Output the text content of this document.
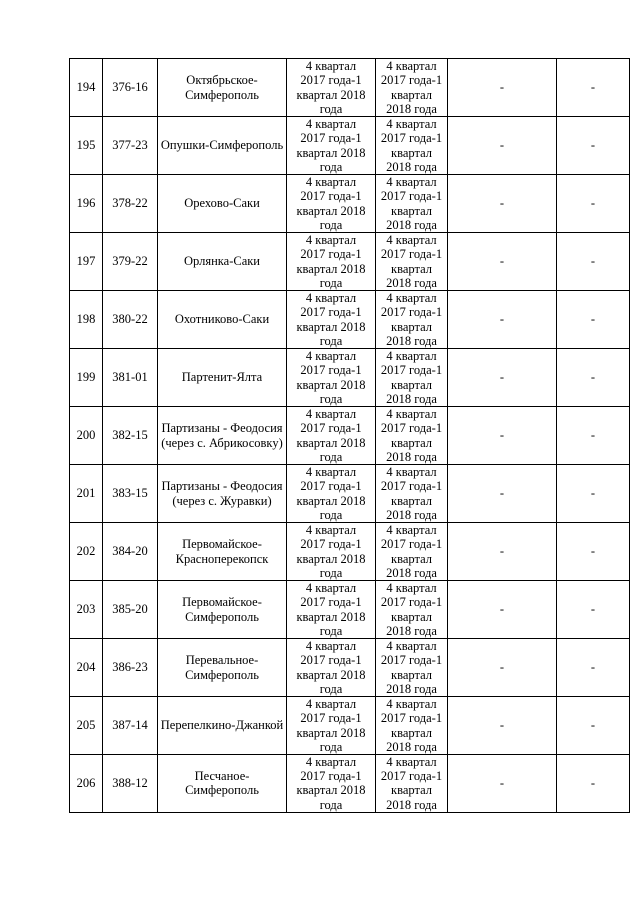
194	376-16	Октябрьское-Симферополь	4 квартал
2017 года-1
квартал 2018
года	4 квартал
2017 года-1
квартал
2018 года	-	-
195	377-23	Опушки-Симферополь	4 квартал
2017 года-1
квартал 2018
года	4 квартал
2017 года-1
квартал
2018 года	-	-
196	378-22	Орехово-Саки	4 квартал
2017 года-1
квартал 2018
года	4 квартал
2017 года-1
квартал
2018 года	-	-
197	379-22	Орлянка-Саки	4 квартал
2017 года-1
квартал 2018
года	4 квартал
2017 года-1
квартал
2018 года	-	-
198	380-22	Охотниково-Саки	4 квартал
2017 года-1
квартал 2018
года	4 квартал
2017 года-1
квартал
2018 года	-	-
199	381-01	Партенит-Ялта	4 квартал
2017 года-1
квартал 2018
года	4 квартал
2017 года-1
квартал
2018 года	-	-
200	382-15	Партизаны - Феодосия (через с. Абрикосовку)	4 квартал
2017 года-1
квартал 2018
года	4 квартал
2017 года-1
квартал
2018 года	-	-
201	383-15	Партизаны - Феодосия (через с. Журавки)	4 квартал
2017 года-1
квартал 2018
года	4 квартал
2017 года-1
квартал
2018 года	-	-
202	384-20	Первомайское-Красноперекопск	4 квартал
2017 года-1
квартал 2018
года	4 квартал
2017 года-1
квартал
2018 года	-	-
203	385-20	Первомайское-Симферополь	4 квартал
2017 года-1
квартал 2018
года	4 квартал
2017 года-1
квартал
2018 года	-	-
204	386-23	Перевальное-Симферополь	4 квартал
2017 года-1
квартал 2018
года	4 квартал
2017 года-1
квартал
2018 года	-	-
205	387-14	Перепелкино-Джанкой	4 квартал
2017 года-1
квартал 2018
года	4 квартал
2017 года-1
квартал
2018 года	-	-
206	388-12	Песчаное-Симферополь	4 квартал
2017 года-1
квартал 2018
года	4 квартал
2017 года-1
квартал
2018 года	-	-
